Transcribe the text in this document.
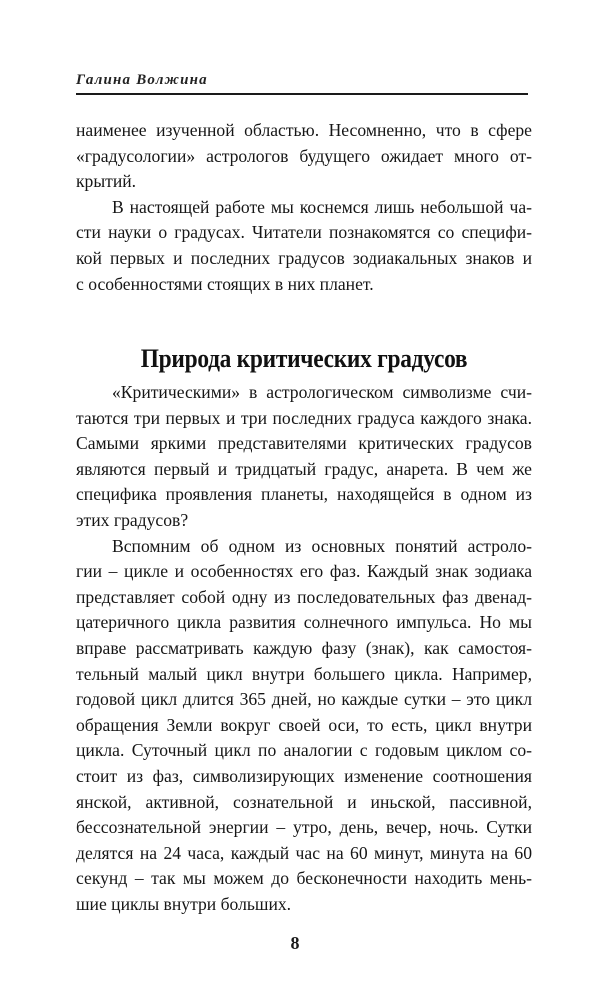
Галина Волжина

наименее изученной областью. Несомненно, что в сфере
«градусологии» астрологов будущего ожидает много от-
крытий.

В настоящей работе мы коснемся лишь небольшой ча-
сти науки о градусах. Читатели познакомятся со специфи-
кой первых и последних градусов зодиакальных знаков и
с особенностями стоящих в них планет.

Природа критических градусов

«Критическими» в астрологическом символизме счи-
таются три первых и три последних градуса каждого знака.
Самыми яркими представителями критических градусов
являются первый и тридцатый градус, анарета. В чем же
специфика проявления планеты, находящейся в одном из
этих градусов?

Вспомним об одном из основных понятий астроло-
гии – цикле и особенностях его фаз. Каждый знак зодиака
представляет собой одну из последовательных фаз двенад-
цатеричного цикла развития солнечного импульса. Но мы
вправе рассматривать каждую фазу (знак), как самостоя-
тельный малый цикл внутри большего цикла. Например,
годовой цикл длится 365 дней, но каждые сутки – это цикл
обращения Земли вокруг своей оси, то есть, цикл внутри
цикла. Суточный цикл по аналогии с годовым циклом со-
стоит из фаз, символизирующих изменение соотношения
янской, активной, сознательной и иньской, пассивной,
бессознательной энергии – утро, день, вечер, ночь. Сутки
делятся на 24 часа, каждый час на 60 минут, минута на 60
секунд – так мы можем до бесконечности находить мень-
шие циклы внутри больших.

8
